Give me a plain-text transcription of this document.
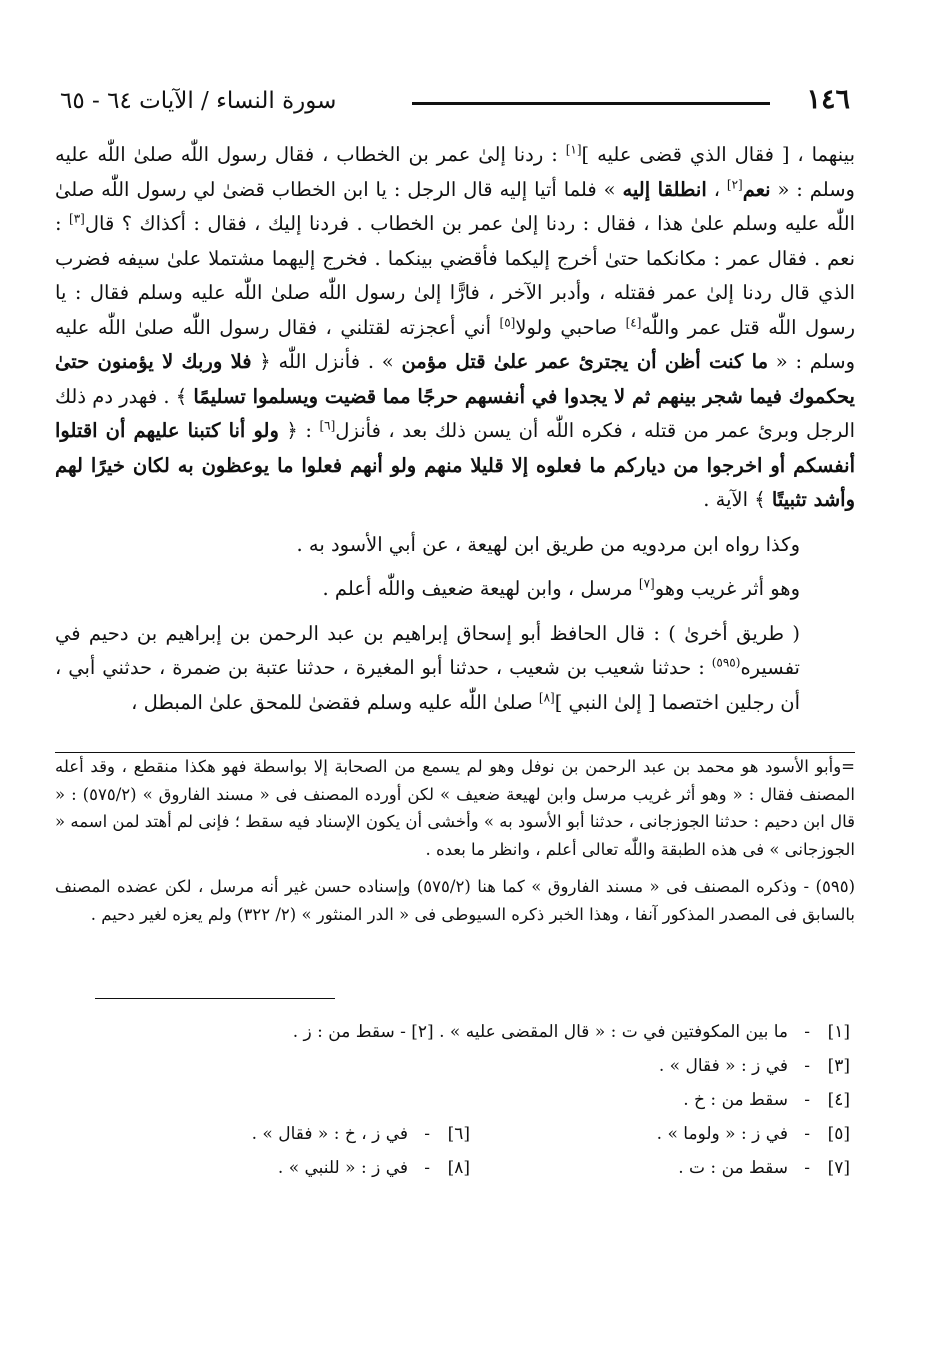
١٤٦
سورة النساء / الآيات ٦٤ - ٦٥

بينهما ، [ فقال الذي قضى عليه ][١] : ردنا إلىٰ عمر بن الخطاب ، فقال رسول اللّٰه صلىٰ اللّٰه عليه وسلم : « نعم[٢] ، انطلقا إليه » فلما أتيا إليه قال الرجل : يا ابن الخطاب قضىٰ لي رسول اللّٰه صلىٰ اللّٰه عليه وسلم علىٰ هذا ، فقال : ردنا إلىٰ عمر بن الخطاب . فردنا إليك ، فقال : أكذاك ؟ قال[٣] : نعم . فقال عمر : مكانكما حتىٰ أخرج إليكما فأقضي بينكما . فخرج إليهما مشتملا علىٰ سيفه فضرب الذي قال ردنا إلىٰ عمر فقتله ، وأدبر الآخر ، فارًّا إلىٰ رسول اللّٰه صلىٰ اللّٰه عليه وسلم فقال : يا رسول اللّٰه قتل عمر واللّٰه[٤] صاحبي ولولا[٥] أني أعجزته لقتلني ، فقال رسول اللّٰه صلىٰ اللّٰه عليه وسلم : « ما كنت أظن أن يجترئ عمر علىٰ قتل مؤمن » . فأنزل اللّٰه ﴿ فلا وربك لا يؤمنون حتىٰ يحكموك فيما شجر بينهم ثم لا يجدوا في أنفسهم حرجًا مما قضيت ويسلموا تسليمًا ﴾ . فهدر دم ذلك الرجل وبرئ عمر من قتله ، فكره اللّٰه أن يسن ذلك بعد ، فأنزل[٦] : ﴿ ولو أنا كتبنا عليهم أن اقتلوا أنفسكم أو اخرجوا من دياركم ما فعلوه إلا قليلا منهم ولو أنهم فعلوا ما يوعظون به لكان خيرًا لهم وأشد تثبيتًا ﴾ الآية .

وكذا رواه ابن مردويه من طريق ابن لهيعة ، عن أبي الأسود به .

وهو أثر غريب وهو[٧] مرسل ، وابن لهيعة ضعيف واللّٰه أعلم .

( طريق أخرىٰ ) : قال الحافظ أبو إسحاق إبراهيم بن عبد الرحمن بن إبراهيم بن دحيم في تفسيره$^{(٥٩٥)}$ : حدثنا شعيب بن شعيب ، حدثنا أبو المغيرة ، حدثنا عتبة بن ضمرة ، حدثني أبي ، أن رجلين اختصما [ إلىٰ النبي ][٨] صلىٰ اللّٰه عليه وسلم فقضىٰ للمحق علىٰ المبطل ،

=وأبو الأسود هو محمد بن عبد الرحمن بن نوفل وهو لم يسمع من الصحابة إلا بواسطة فهو هكذا منقطع ، وقد أعله المصنف فقال : « وهو أثر غريب مرسل وابن لهيعة ضعيف » لكن أورده المصنف فى « مسند الفاروق » (٥٧٥/٢) : « قال ابن دحيم : حدثنا الجوزجانى ، حدثنا أبو الأسود به » وأخشى أن يكون الإسناد فيه سقط ؛ فإنى لم أهتد لمن اسمه « الجوزجانى » فى هذه الطبقة واللّٰه تعالى أعلم ، وانظر ما بعده .

(٥٩٥) - وذكره المصنف فى « مسند الفاروق » كما هنا (٥٧٥/٢) وإسناده حسن غير أنه مرسل ، لكن عضده المصنف بالسابق فى المصدر المذكور آنفا ، وهذا الخبر ذكره السيوطى فى « الدر المنثور » (٢/ ٣٢٢) ولم يعزه لغير دحيم .

[١]-ما بين المكوفتين في ت : « قال المقضى عليه » . [٢] - سقط من : ز .
[٣]-في ز : « فقال » .
[٤]-سقط من : خ .
[٥]-في ز : « ولوما » .
[٦]-في ز ، خ : « فقال » .
[٧]-سقط من : ت .
[٨]-في ز : « للنبي » .
